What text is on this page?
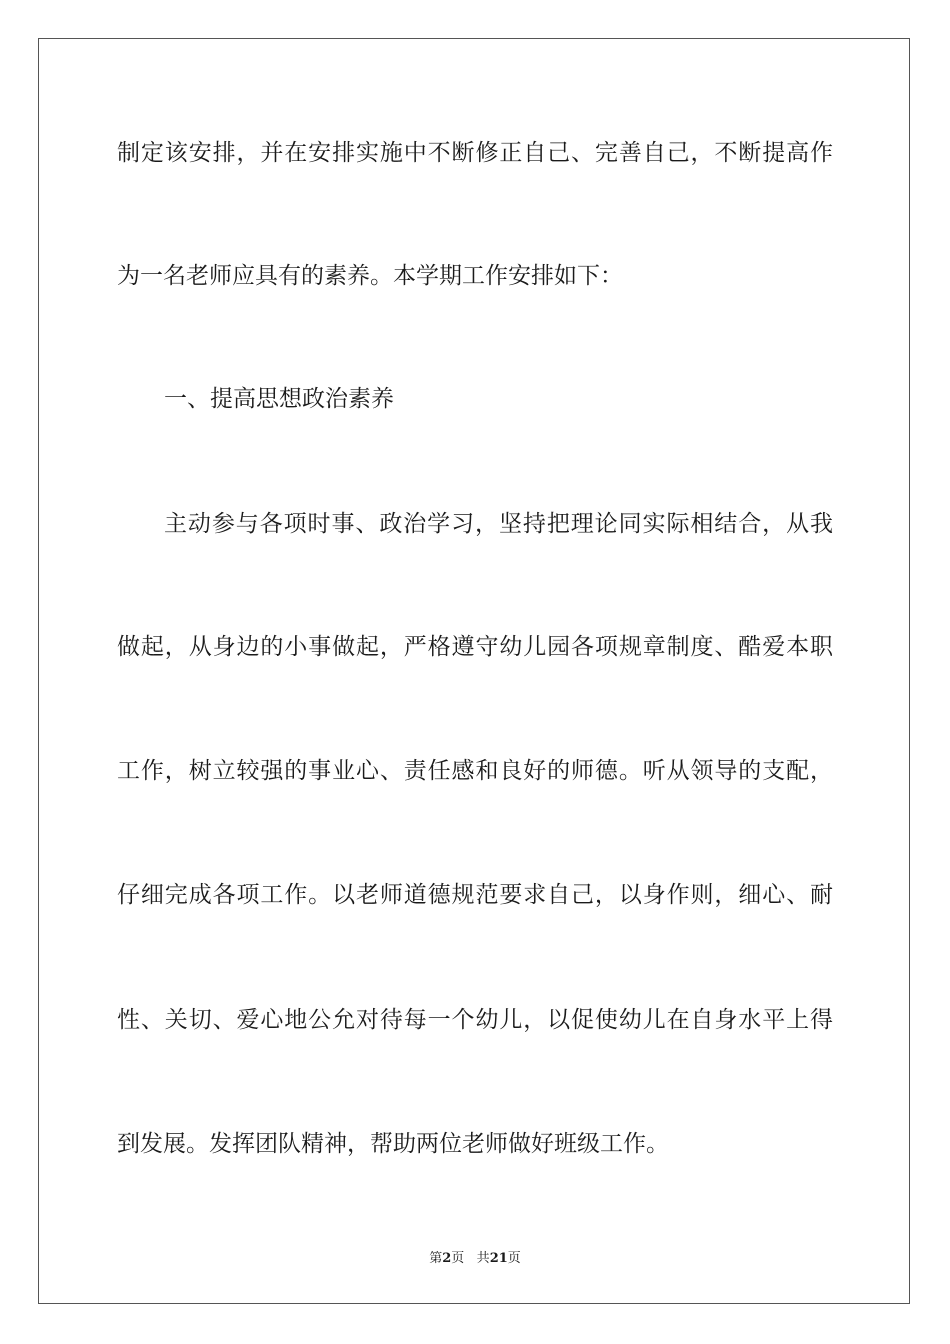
制定该安排，并在安排实施中不断修正自己、完善自己，不断提高作
为一名老师应具有的素养。本学期工作安排如下：
一、提高思想政治素养
主动参与各项时事、政治学习，坚持把理论同实际相结合，从我
做起，从身边的小事做起，严格遵守幼儿园各项规章制度、酷爱本职
工作，树立较强的事业心、责任感和良好的师德。听从领导的支配，
仔细完成各项工作。以老师道德规范要求自己，以身作则，细心、耐
性、关切、爱心地公允对待每一个幼儿，以促使幼儿在自身水平上得
到发展。发挥团队精神，帮助两位老师做好班级工作。
第2页 共21页
